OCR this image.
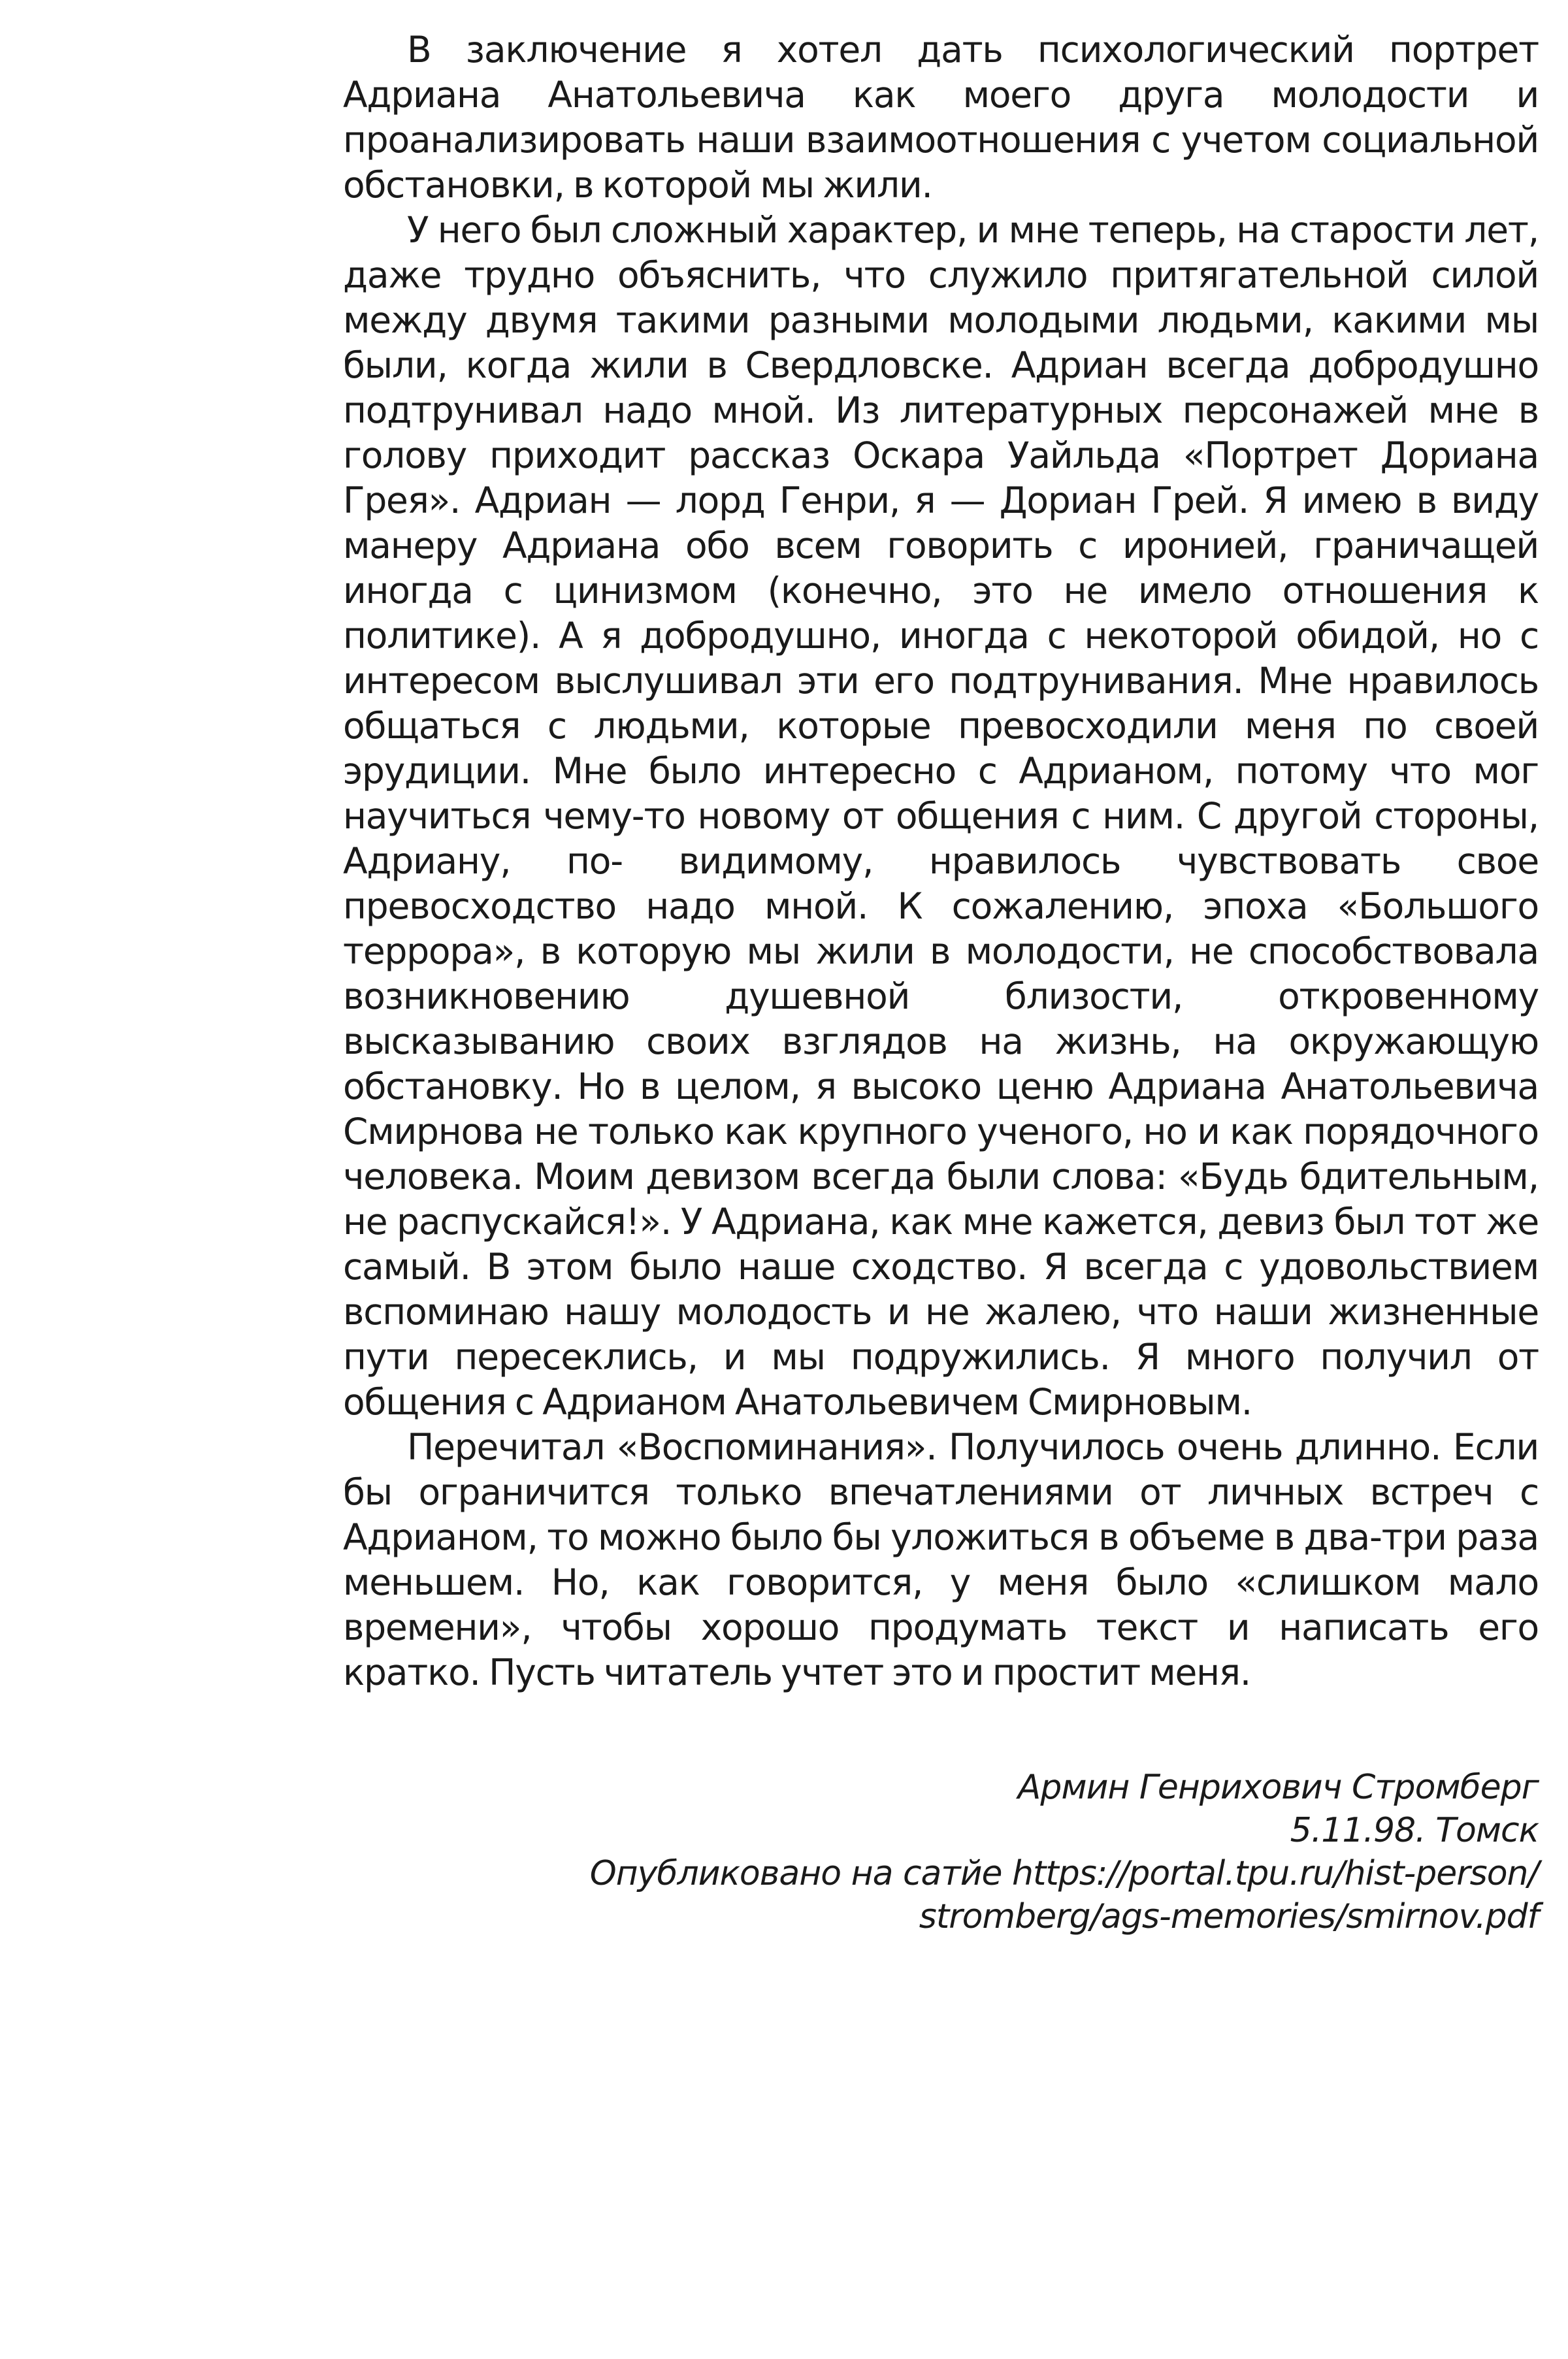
В заключение я хотел дать психологический портрет Адриана Анатольевича как моего друга молодости и проанализировать наши взаимоотношения с учетом социальной обстановки, в которой мы жили.

У него был сложный характер, и мне теперь, на старости лет, даже трудно объяснить, что служило притягательной силой между двумя такими разными молодыми людьми, какими мы были, когда жили в Свердловске. Адриан всегда добродушно подтрунивал надо мной. Из литературных персонажей мне в голову приходит рассказ Оскара Уайльда «Портрет Дориана Грея». Адриан — лорд Генри, я — Дориан Грей. Я имею в виду манеру Адриана обо всем говорить с иронией, граничащей иногда с цинизмом (конечно, это не имело отношения к политике). А я добродушно, иногда с некоторой обидой, но с интересом выслушивал эти его подтрунивания. Мне нравилось общаться с людьми, которые превосходили меня по своей эрудиции. Мне было интересно с Адрианом, потому что мог научиться чему-то новому от общения с ним. С другой стороны, Адриану, по- видимому, нравилось чувствовать свое превосходство надо мной. К сожалению, эпоха «Большого террора», в которую мы жили в молодости, не способствовала возникновению душевной близости, откровенному высказыванию своих взглядов на жизнь, на окружающую обстановку. Но в целом, я высоко ценю Адриана Анатольевича Смирнова не только как крупного ученого, но и как порядочного человека. Моим девизом всегда были слова: «Будь бдительным, не распускайся!». У Адриана, как мне кажется, девиз был тот же самый. В этом было наше сходство. Я всегда с удовольствием вспоминаю нашу молодость и не жалею, что наши жизненные пути пересеклись, и мы подружились. Я много получил от общения с Адрианом Анатольевичем Смирновым.

Перечитал «Воспоминания». Получилось очень длинно. Если бы ограничится только впечатлениями от личных встреч с Адрианом, то можно было бы уложиться в объеме в два-три раза меньшем. Но, как говорится, у меня было «слишком мало времени», чтобы хорошо продумать текст и написать его кратко. Пусть читатель учтет это и простит меня.

Армин Генрихович Стромберг
5.11.98. Томск
Опубликовано на сатйе https://portal.tpu.ru/hist-person/
stromberg/ags-memories/smirnov.pdf
